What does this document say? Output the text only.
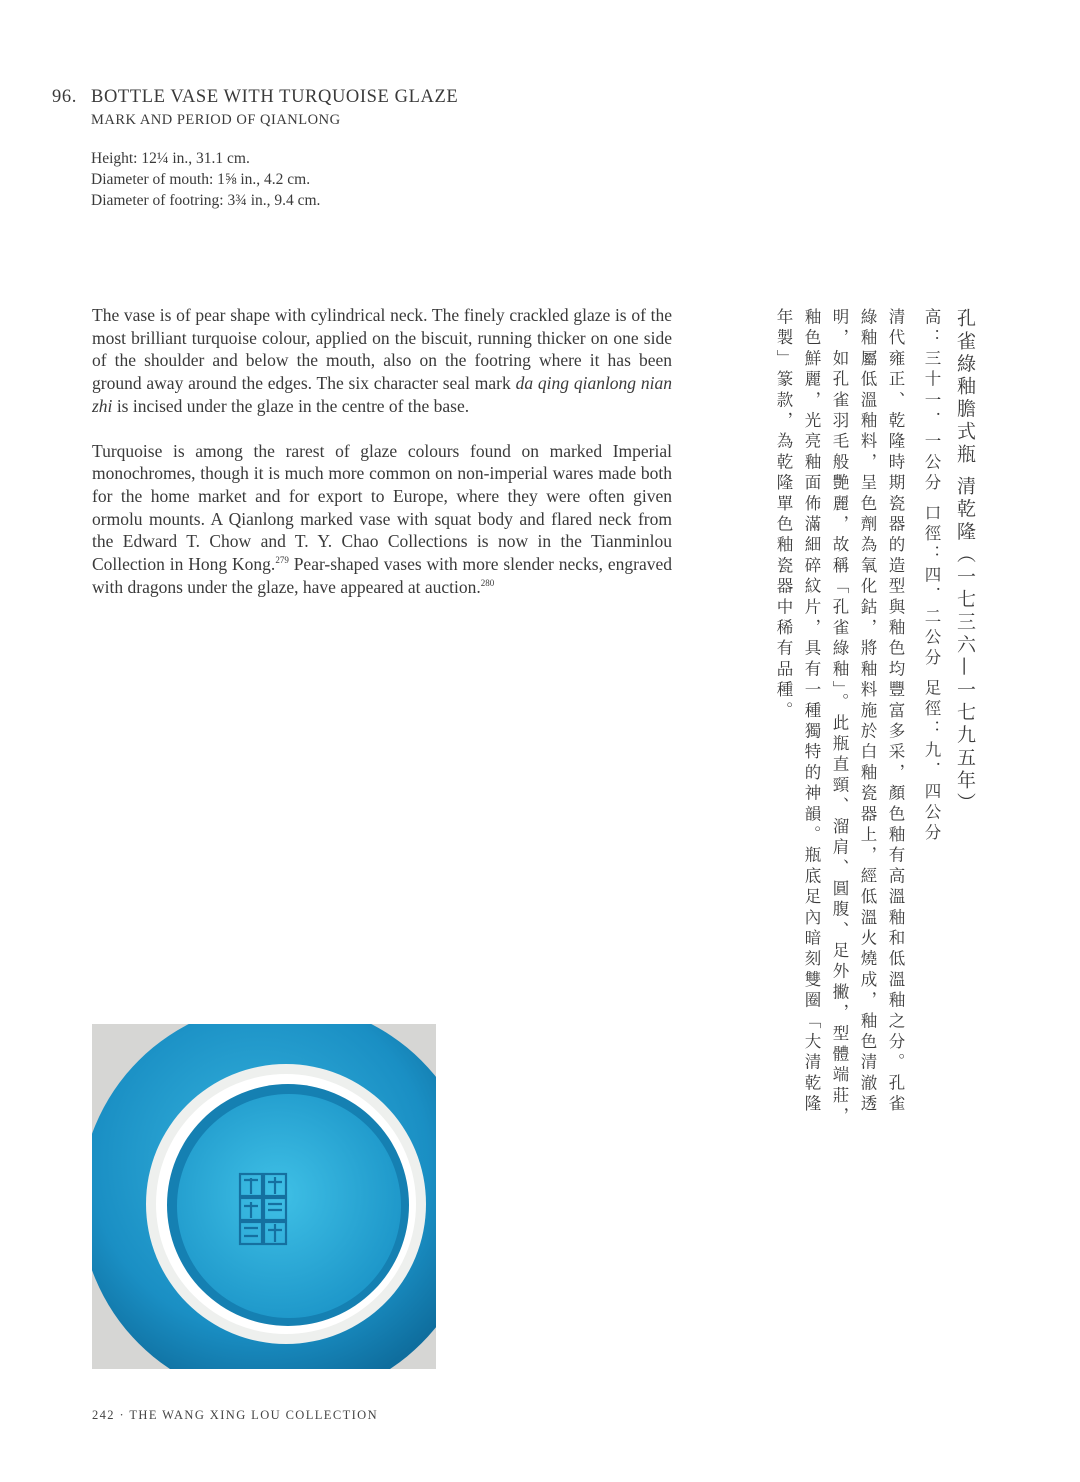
96. BOTTLE VASE WITH TURQUOISE GLAZE
MARK AND PERIOD OF QIANLONG
Height: 12¼ in., 31.1 cm.
Diameter of mouth: 1⅝ in., 4.2 cm.
Diameter of footring: 3¾ in., 9.4 cm.

The vase is of pear shape with cylindrical neck. The finely crackled glaze is of the most brilliant turquoise colour, applied on the biscuit, running thicker on one side of the shoulder and below the mouth, also on the footring where it has been ground away around the edges. The six character seal mark da qing qianlong nian zhi is incised under the glaze in the centre of the base.

Turquoise is among the rarest of glaze colours found on marked Imperial monochromes, though it is much more common on non-imperial wares made both for the home market and for export to Europe, where they were often given ormolu mounts. A Qianlong marked vase with squat body and flared neck from the Edward T. Chow and T. Y. Chao Collections is now in the Tianminlou Collection in Hong Kong.$^{279}$ Pear-shaped vases with more slender necks, engraved with dragons under the glaze, have appeared at auction.$^{280}$	孔雀綠釉膽式瓶 清乾隆（一七三六—一七九五年）
高：三十一．一公分 口徑：四．二公分 足徑：九．四公分
清代雍正、乾隆時期瓷器的造型與釉色均豐富多采，顏色釉有高溫釉和低溫釉之分。孔雀
綠釉屬低溫釉料，呈色劑為氧化鈷，將釉料施於白釉瓷器上，經低溫火燒成，釉色清澈透
明，如孔雀羽毛般艷麗，故稱「孔雀綠釉」。此瓶直頸、溜肩、圓腹、足外撇，型體端莊，
釉色鮮麗，光亮釉面佈滿細碎紋片，具有一種獨特的神韻。瓶底足內暗刻雙圈「大清乾隆
年製」篆款，為乾隆單色釉瓷器中稀有品種。
242 · THE WANG XING LOU COLLECTION
